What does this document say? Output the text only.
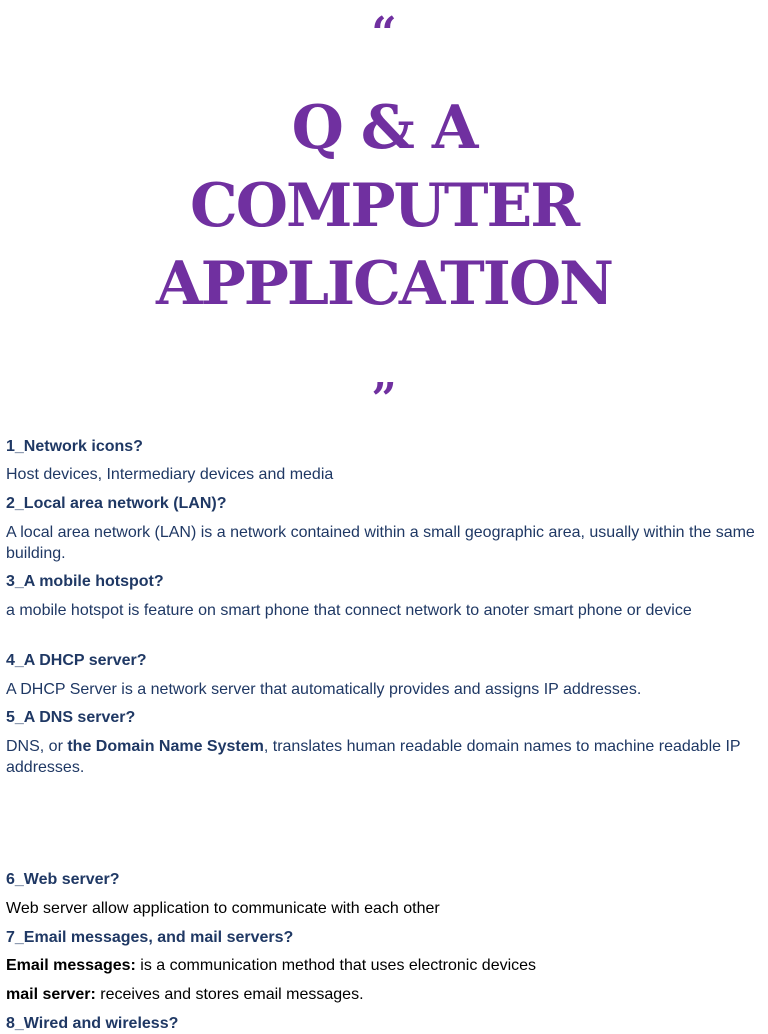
“
Q & A
COMPUTER
APPLICATION
”
1_Network icons?
Host devices, Intermediary devices and media
2_Local area network (LAN)?
A local area network (LAN) is a network contained within a small geographic area, usually within the same building.
3_A mobile hotspot?
a mobile hotspot is feature on smart phone that connect network to anoter smart phone or device
4_A DHCP server?
A DHCP Server is a network server that automatically provides and assigns IP addresses.
5_A DNS server?
DNS, or the Domain Name System, translates human readable domain names to machine readable IP addresses.
6_Web server?
Web server allow application to communicate with each other
7_Email messages, and mail servers?
Email messages: is a communication method that uses electronic devices
mail server: receives and stores email messages.
8_Wired and wireless?
